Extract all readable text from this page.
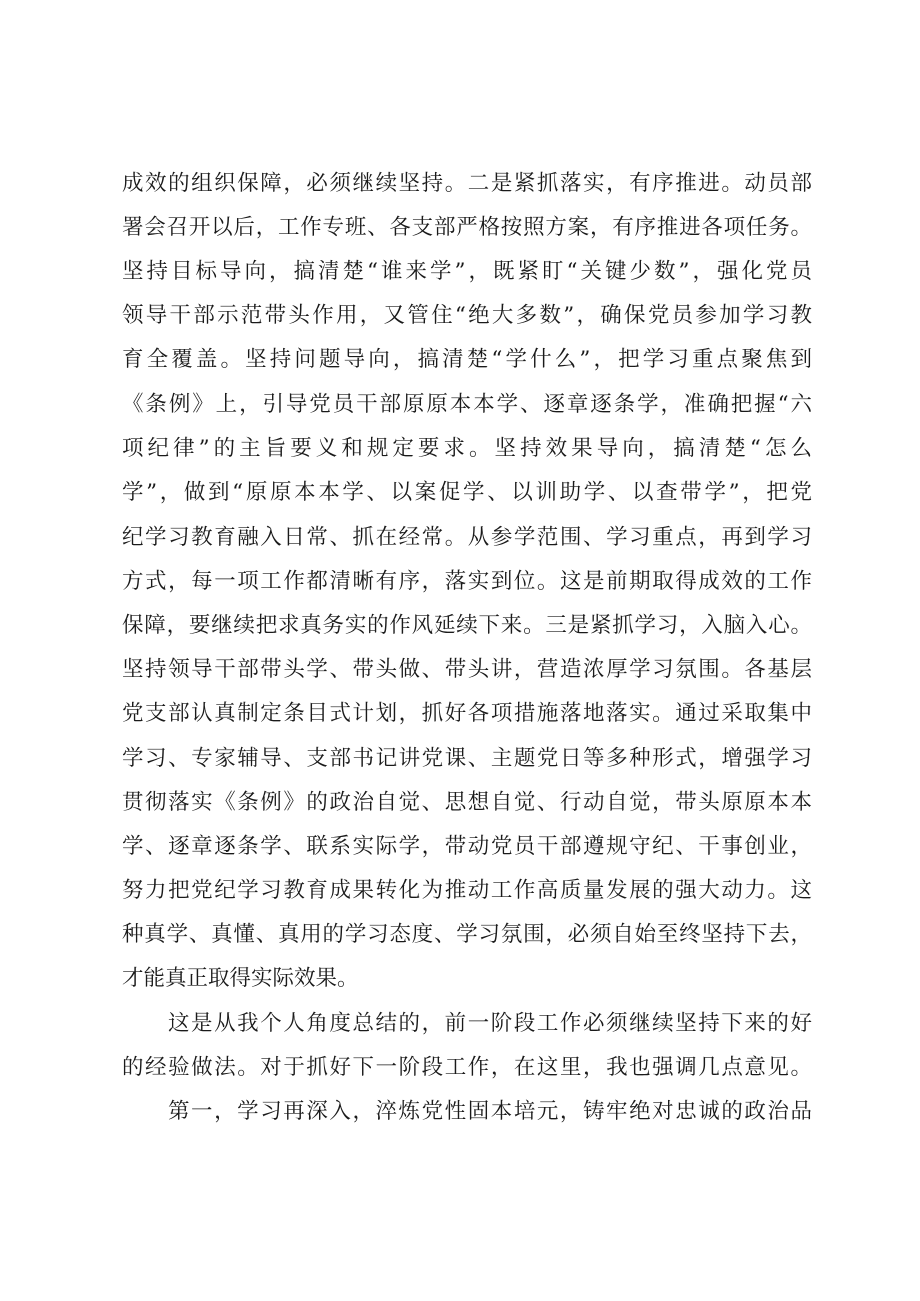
成效的组织保障，必须继续坚持。二是紧抓落实，有序推进。动员部
署会召开以后，工作专班、各支部严格按照方案，有序推进各项任务。
坚持目标导向，搞清楚“谁来学”，既紧盯“关键少数”，强化党员
领导干部示范带头作用，又管住“绝大多数”，确保党员参加学习教
育全覆盖。坚持问题导向，搞清楚“学什么”，把学习重点聚焦到
《条例》上，引导党员干部原原本本学、逐章逐条学，准确把握“六
项纪律”的主旨要义和规定要求。坚持效果导向，搞清楚“怎么
学”，做到“原原本本学、以案促学、以训助学、以查带学”，把党
纪学习教育融入日常、抓在经常。从参学范围、学习重点，再到学习
方式，每一项工作都清晰有序，落实到位。这是前期取得成效的工作
保障，要继续把求真务实的作风延续下来。三是紧抓学习，入脑入心。
坚持领导干部带头学、带头做、带头讲，营造浓厚学习氛围。各基层
党支部认真制定条目式计划，抓好各项措施落地落实。通过采取集中
学习、专家辅导、支部书记讲党课、主题党日等多种形式，增强学习
贯彻落实《条例》的政治自觉、思想自觉、行动自觉，带头原原本本
学、逐章逐条学、联系实际学，带动党员干部遵规守纪、干事创业，
努力把党纪学习教育成果转化为推动工作高质量发展的强大动力。这
种真学、真懂、真用的学习态度、学习氛围，必须自始至终坚持下去，
才能真正取得实际效果。
这是从我个人角度总结的，前一阶段工作必须继续坚持下来的好
的经验做法。对于抓好下一阶段工作，在这里，我也强调几点意见。
第一，学习再深入，淬炼党性固本培元，铸牢绝对忠诚的政治品
